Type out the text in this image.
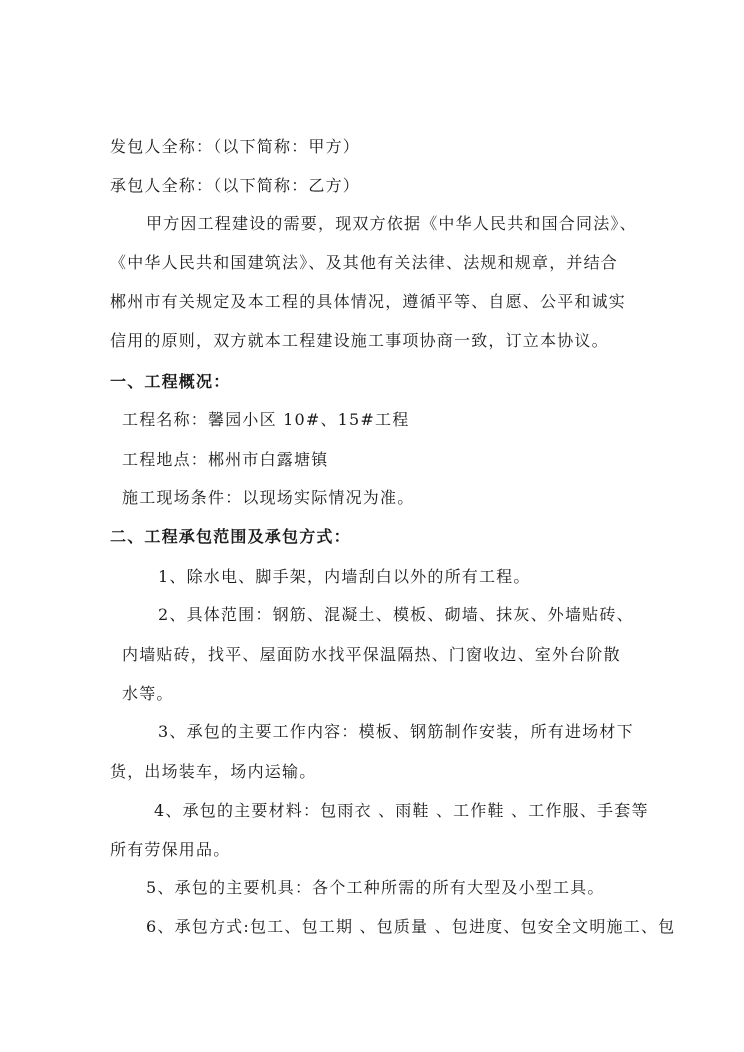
发包人全称：（以下简称：甲方）
承包人全称：（以下简称：乙方）
甲方因工程建设的需要，现双方依据《中华人民共和国合同法》、
《中华人民共和国建筑法》、及其他有关法律、法规和规章，并结合
郴州市有关规定及本工程的具体情况，遵循平等、自愿、公平和诚实
信用的原则，双方就本工程建设施工事项协商一致，订立本协议。
一、工程概况：
工程名称：馨园小区 10#、15#工程
工程地点：郴州市白露塘镇
施工现场条件：以现场实际情况为准。
二、工程承包范围及承包方式：
1、除水电、脚手架，内墙刮白以外的所有工程。
2、具体范围：钢筋、混凝土、模板、砌墙、抹灰、外墙贴砖、
内墙贴砖，找平、屋面防水找平保温隔热、门窗收边、室外台阶散
水等。
3、承包的主要工作内容：模板、钢筋制作安装，所有进场材下
货，出场装车，场内运输。
4、承包的主要材料：包雨衣 、雨鞋 、工作鞋 、工作服、手套等
所有劳保用品。
5、承包的主要机具：各个工种所需的所有大型及小型工具。
6、承包方式:包工、包工期 、包质量 、包进度、包安全文明施工、包
